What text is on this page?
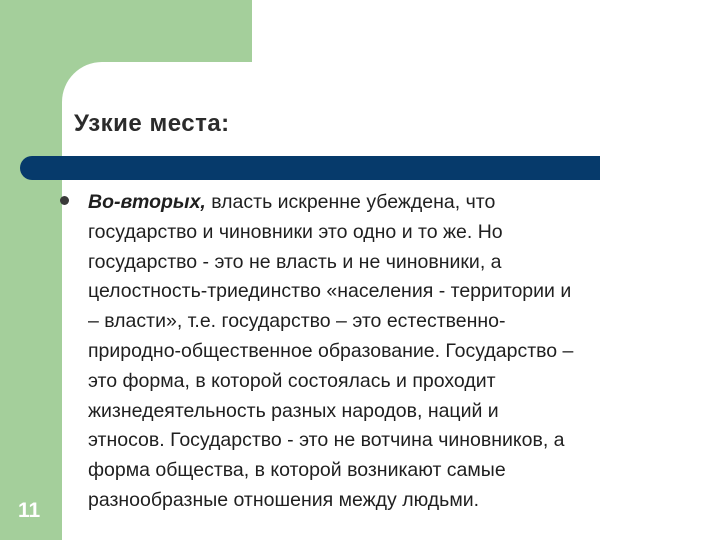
Узкие места:
Во-вторых, власть искренне убеждена, что
государство и чиновники это одно и то же. Но
государство - это не власть и не чиновники, а
целостность-триединство «населения - территории и
– власти», т.е. государство – это естественно-
природно-общественное образование. Государство –
это форма, в которой состоялась и проходит
жизнедеятельность разных народов, наций и
этносов. Государство - это не вотчина чиновников, а
форма общества, в которой возникают самые
разнообразные отношения между людьми.
11
